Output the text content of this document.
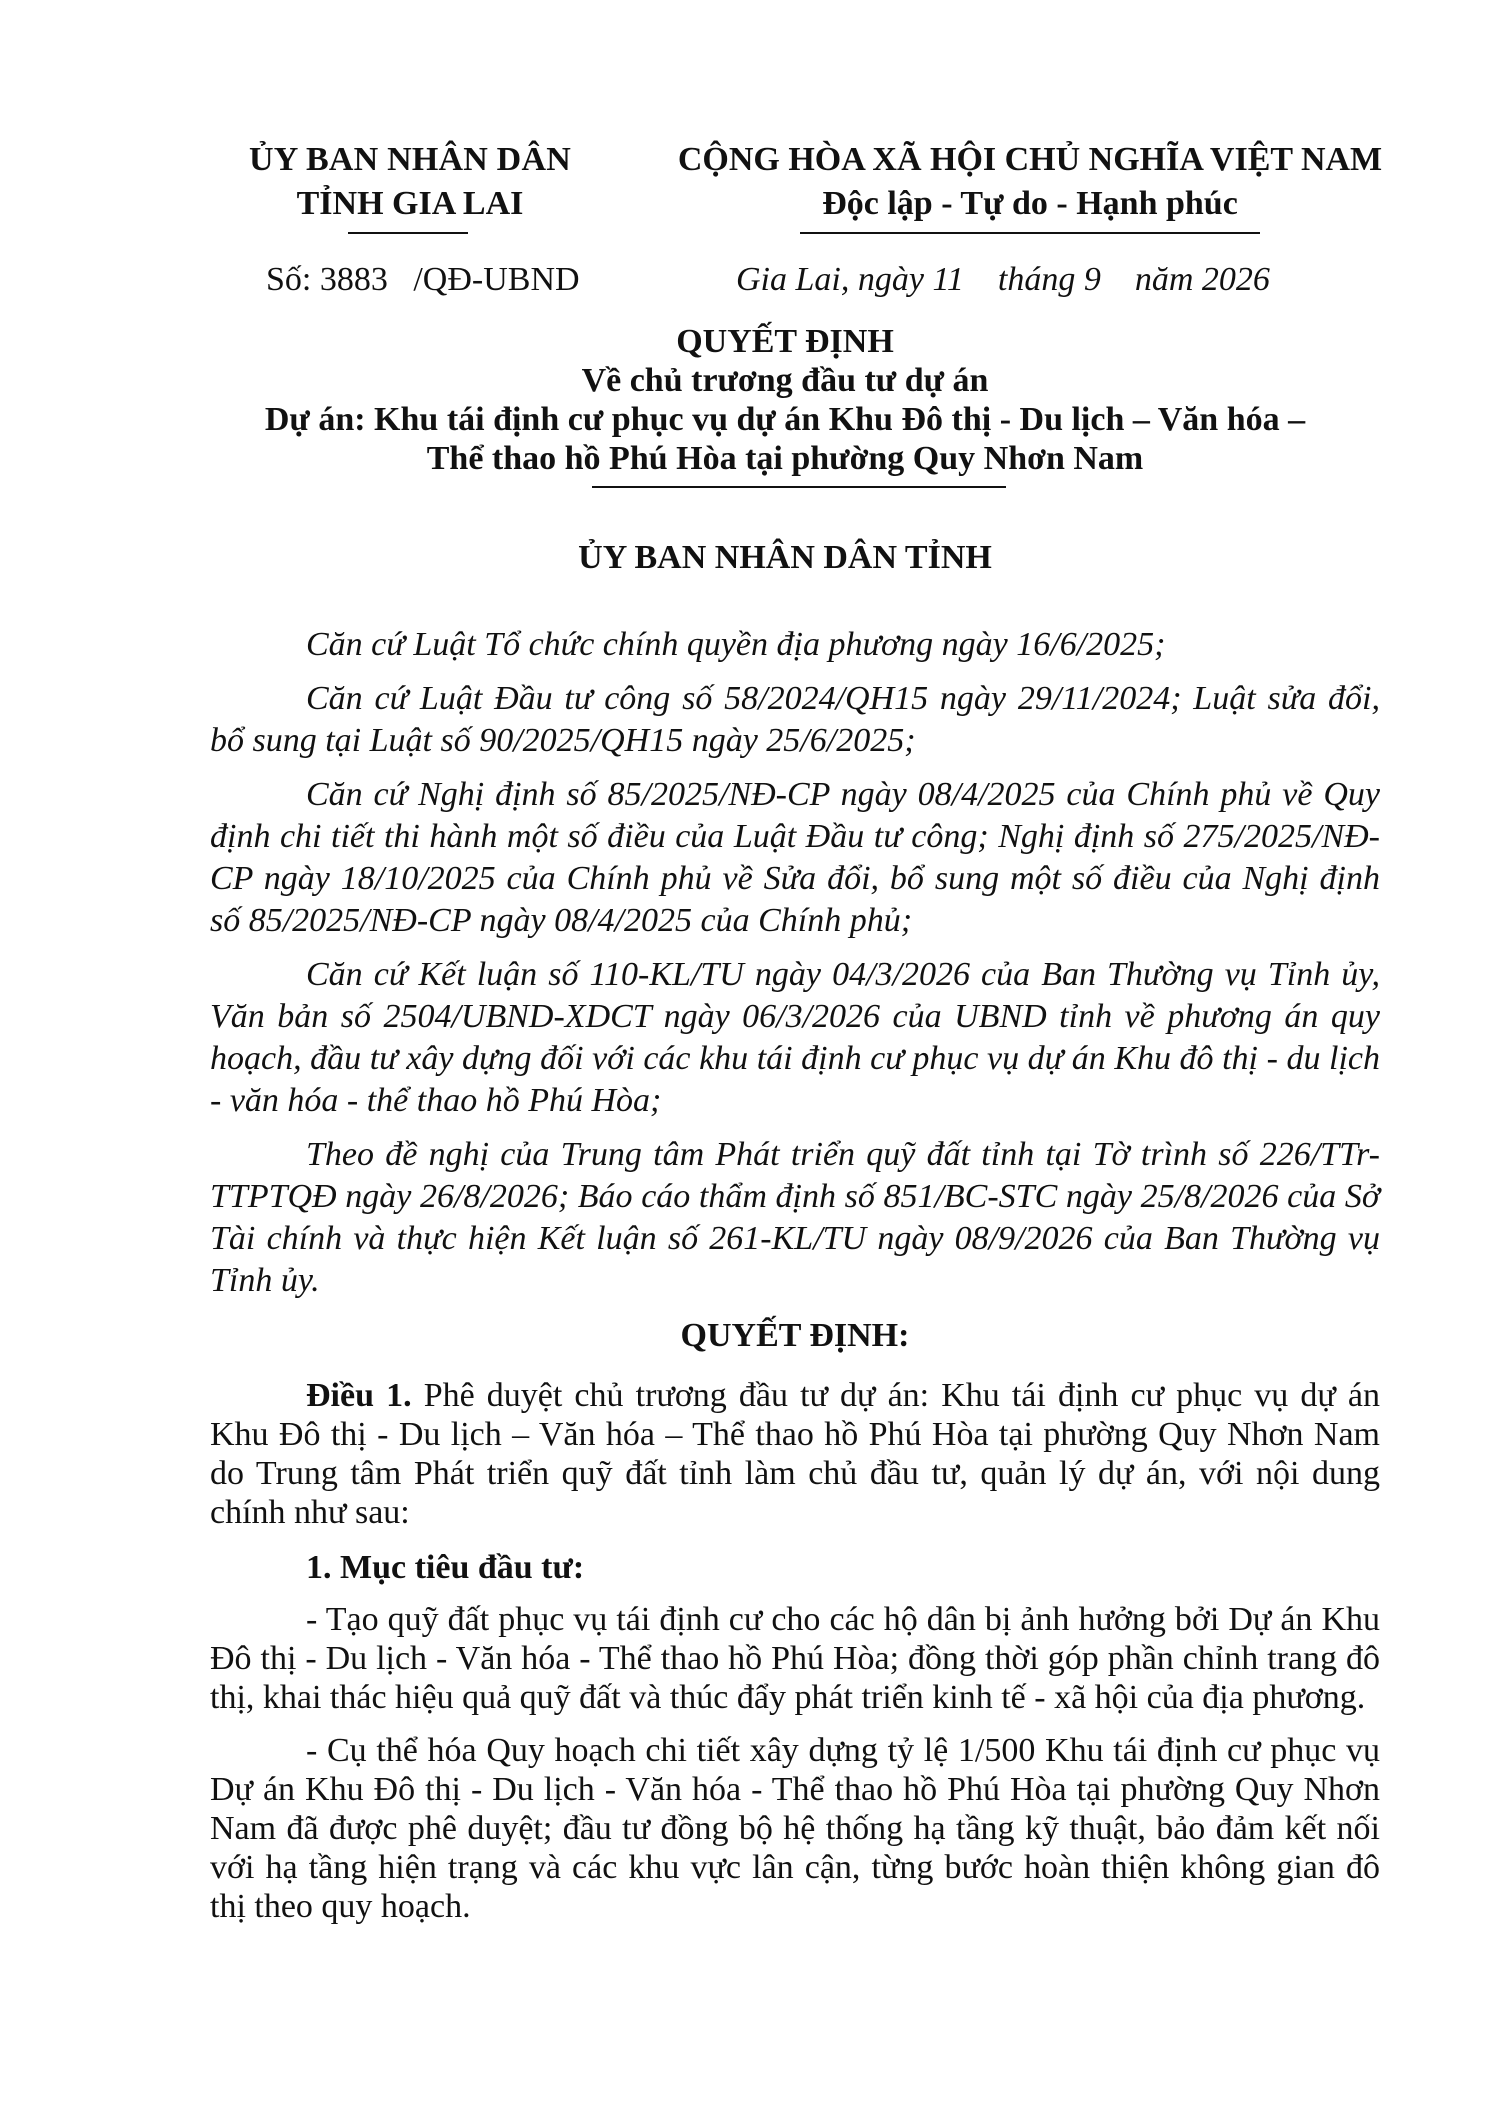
ỦY BAN NHÂN DÂN
TỈNH GIA LAI
CỘNG HÒA XÃ HỘI CHỦ NGHĨA VIỆT NAM
Độc lập - Tự do - Hạnh phúc
Số: 3883   /QĐ-UBND	Gia Lai, ngày 11    tháng 9    năm 2026
QUYẾT ĐỊNH
Về chủ trương đầu tư dự án
Dự án: Khu tái định cư phục vụ dự án Khu Đô thị - Du lịch – Văn hóa –
Thể thao hồ Phú Hòa tại phường Quy Nhơn Nam
ỦY BAN NHÂN DÂN TỈNH

Căn cứ Luật Tổ chức chính quyền địa phương ngày 16/6/2025;

Căn cứ Luật Đầu tư công số 58/2024/QH15 ngày 29/11/2024; Luật sửa đổi, bổ sung tại Luật số 90/2025/QH15 ngày 25/6/2025;

Căn cứ Nghị định số 85/2025/NĐ-CP ngày 08/4/2025 của Chính phủ về Quy định chi tiết thi hành một số điều của Luật Đầu tư công; Nghị định số 275/2025/NĐ-CP ngày 18/10/2025 của Chính phủ về Sửa đổi, bổ sung một số điều của Nghị định số 85/2025/NĐ-CP ngày 08/4/2025 của Chính phủ;

Căn cứ Kết luận số 110-KL/TU ngày 04/3/2026 của Ban Thường vụ Tỉnh ủy, Văn bản số 2504/UBND-XDCT ngày 06/3/2026 của UBND tỉnh về phương án quy hoạch, đầu tư xây dựng đối với các khu tái định cư phục vụ dự án Khu đô thị - du lịch - văn hóa - thể thao hồ Phú Hòa;

Theo đề nghị của Trung tâm Phát triển quỹ đất tỉnh tại Tờ trình số 226/TTr-TTPTQĐ ngày 26/8/2026; Báo cáo thẩm định số 851/BC-STC ngày 25/8/2026 của Sở Tài chính và thực hiện Kết luận số 261-KL/TU ngày 08/9/2026 của Ban Thường vụ Tỉnh ủy.

QUYẾT ĐỊNH:

Điều 1. Phê duyệt chủ trương đầu tư dự án: Khu tái định cư phục vụ dự án Khu Đô thị - Du lịch – Văn hóa – Thể thao hồ Phú Hòa tại phường Quy Nhơn Nam do Trung tâm Phát triển quỹ đất tỉnh làm chủ đầu tư, quản lý dự án, với nội dung chính như sau:

1. Mục tiêu đầu tư:

- Tạo quỹ đất phục vụ tái định cư cho các hộ dân bị ảnh hưởng bởi Dự án Khu Đô thị - Du lịch - Văn hóa - Thể thao hồ Phú Hòa; đồng thời góp phần chỉnh trang đô thị, khai thác hiệu quả quỹ đất và thúc đẩy phát triển kinh tế - xã hội của địa phương.

- Cụ thể hóa Quy hoạch chi tiết xây dựng tỷ lệ 1/500 Khu tái định cư phục vụ Dự án Khu Đô thị - Du lịch - Văn hóa - Thể thao hồ Phú Hòa tại phường Quy Nhơn Nam đã được phê duyệt; đầu tư đồng bộ hệ thống hạ tầng kỹ thuật, bảo đảm kết nối với hạ tầng hiện trạng và các khu vực lân cận, từng bước hoàn thiện không gian đô thị theo quy hoạch.
